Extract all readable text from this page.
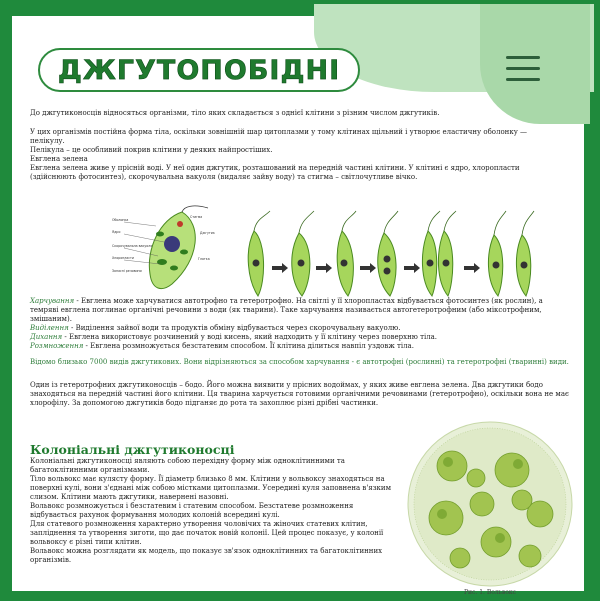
ДЖГУТОПОБІДНІ
До джгутиконосців відносяться організми, тіло яких складається з однієї клітини з різним числом джгутиків.
У цих організмів постійна форма тіла, оскільки зовнішній шар цитоплазми у тому клітинах щільний і утворює еластичну оболонку — пелікулу.
Пелікула – це особливий покрив клітини у деяких найпростіших.
Евглена зелена
Евглена зелена живе у прісній воді. У неї один джгутик, розташований на передній частині клітини. У клітині є ядро, хлоропласти (здійснюють фотосинтез), скорочувальна вакуоля (видаляє зайву воду) та стигма – світлочутливе вічко.
Оболонка
Ядро
Скорочувальна вакуоля
Хлоропласти
Стигма
Джгутик
Глотка
Запасні речовини
Харчування - Евглена може харчуватися автотрофно та гетеротрофно. На світлі у її хлоропластах відбувається фотосинтез (як рослин), а темряві евглена поглинає органічні речовини з води (як тварини). Таке харчування називається автогетеротрофним (або міксотрофним, змішаним).
Виділення - Виділення зайвої води та продуктів обміну відбувається через скорочувальну вакуолю.
Дихання - Евглена використовує розчинений у воді кисень, який надходить у її клітину через поверхню тіла.
Розмноження - Евглена розмножується безстатевим способом. Її клітина ділиться навпіл уздовж тіла.
Відомо близько 7000 видів джгутикових. Вони відрізняються за способом харчування - є автотрофні (рослинні) та гетеротрофні (тваринні) види.
Один із гетеротрофних джгутиконосців – бодо. Його можна виявити у прісних водоймах, у яких живе евглена зелена. Два джгутики бодо знаходяться на передній частині його клітини. Ця тварина харчується готовими органічними речовинами (гетеротрофно), оскільки вона не має хлорофілу. За допомогою джгутиків бодо підганяє до рота та захоплює різні дрібні частинки.
Колоніальні джгутиконосці
Колоніальні джгутиконосці являють собою перехідну форму між одноклітинними та багатоклітинними організмами.
Тіло вольвокс має кулясту форму. Її діаметр близько 8 мм. Клітини у вольвоксу знаходяться на поверхні кулі, вони з'єднані між собою містками цитоплазми. Усередині куля заповнена в'язким слизом. Клітини мають джгутики, навернені назовні.
Вольвокс розмножується і безстатевим і статевим способом. Безстатеве розмноження відбувається рахунок формування молодих колоній всередині кулі.
Для статевого розмноження характерно утворення чоловічих та жіночих статевих клітин, запліднення та утворення зиготи, що дає початок новій колонії. Цей процес показує, у колонії вольвоксу є різні типи клітин.
Вольвокс можна розглядати як модель, що показує зв'язок одноклітинних та багатоклітинних організмів.
Рис. 1. Вольвокс
